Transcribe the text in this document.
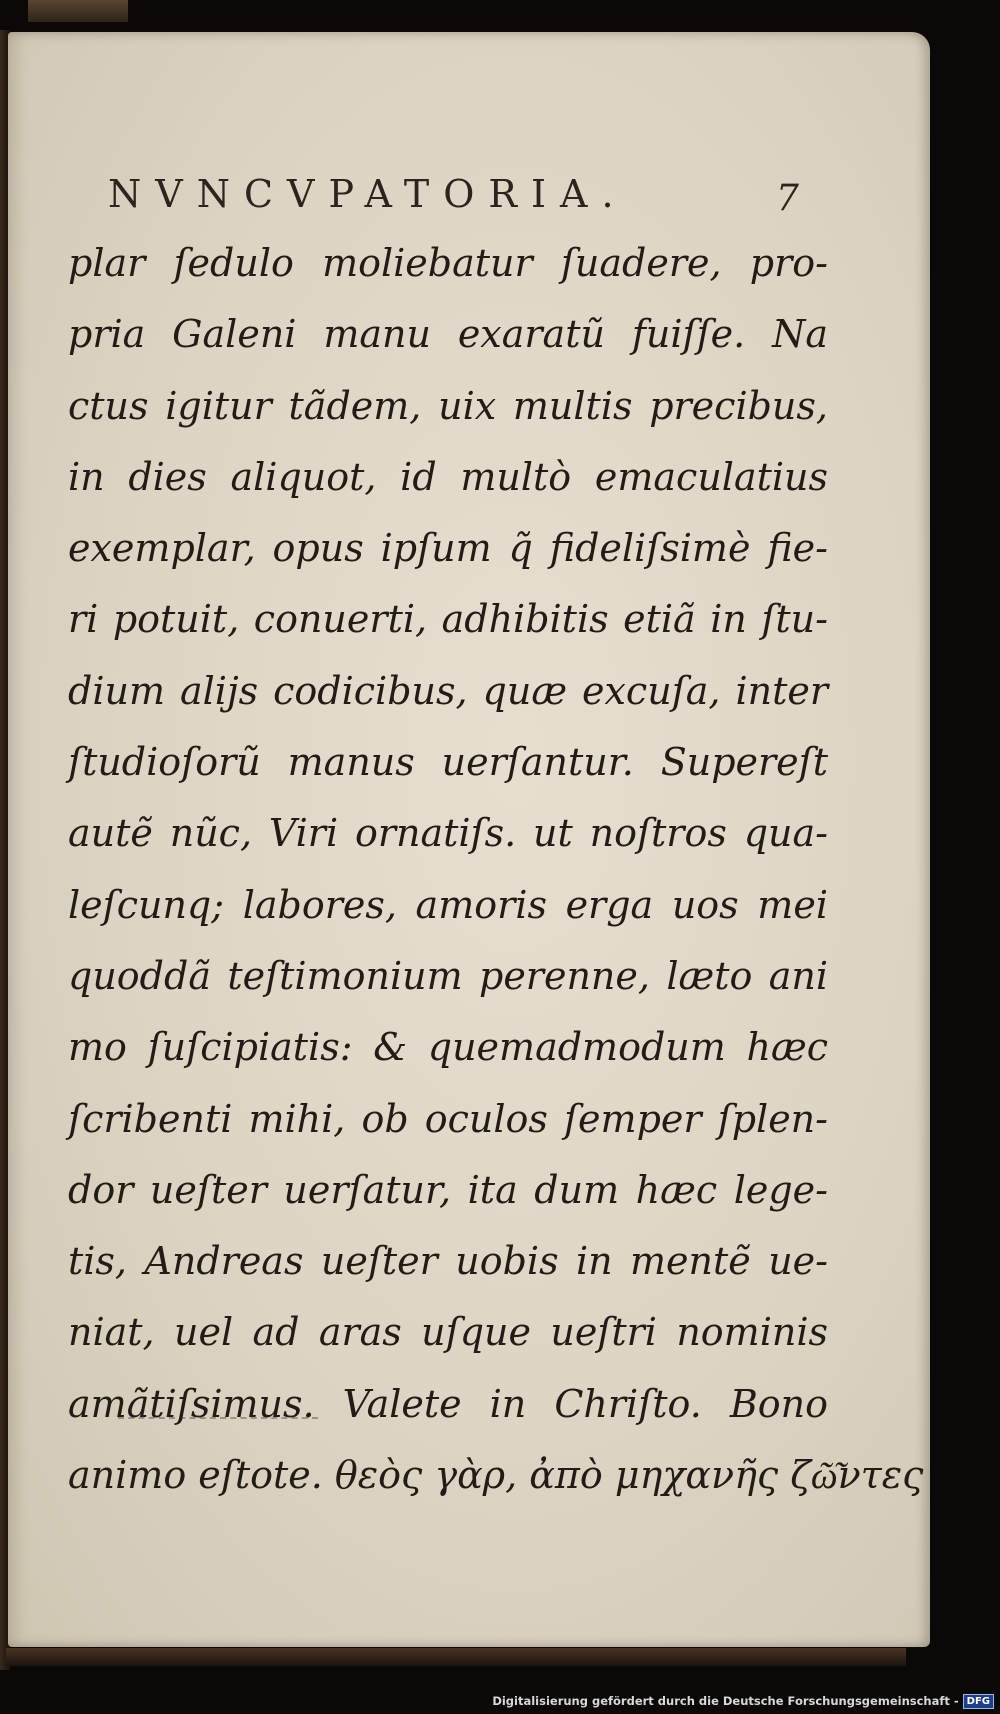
NVNCVPATORIA.	7
plar ſedulo moliebatur ſuadere, pro-
pria Galeni manu exaratũ fuiſſe. Na
ctus igitur tãdem, uix multis precibus,
in dies aliquot, id multò emaculatius
exemplar, opus ipſum q̃ fideliſsimè fie-
ri potuit, conuerti, adhibitis etiã in ſtu-
dium alijs codicibus, quæ excuſa, inter
ſtudioſorũ manus uerſantur. Supereſt
autẽ nũc, Viri ornatiſs. ut noſtros qua-
leſcunq; labores, amoris erga uos mei
quoddã teſtimonium perenne, læto ani
mo ſuſcipiatis: & quemadmodum hæc
ſcribenti mihi, ob oculos ſemper ſplen-
dor ueſter uerſatur, ita dum hæc lege-
tis, Andreas ueſter uobis in mentẽ ue-
niat, uel ad aras uſque ueſtri nominis
amãtiſsimus. Valete in Chriſto. Bono
animo eſtote. θεὸς γὰρ, ἀπὸ μηχανῆς ζῶ͂ντες
Digitalisierung gefördert durch die Deutsche Forschungsgemeinschaft - DFG
